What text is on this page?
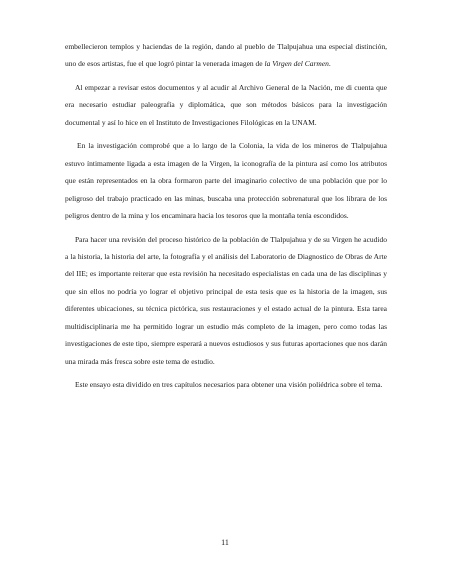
embellecieron templos y haciendas de la región, dando al pueblo de Tlalpujahua una especial distinción, uno de esos artistas, fue el que logró pintar la venerada imagen de la Virgen del Carmen.

Al empezar a revisar estos documentos y al acudir al Archivo General de la Nación, me di cuenta que era necesario estudiar paleografía y diplomática, que son métodos básicos para la investigación documental y así lo hice en el Instituto de Investigaciones Filológicas en la UNAM.

En la investigación comprobé que a lo largo de la Colonia, la vida de los mineros de Tlalpujahua estuvo íntimamente ligada a esta imagen de la Virgen, la iconografía de la pintura así como los atributos que están representados en la obra formaron parte del imaginario colectivo de una población que por lo peligroso del trabajo practicado en las minas, buscaba una protección sobrenatural que los librara de los peligros dentro de la mina y los encaminara hacia los tesoros que la montaña tenía escondidos.

Para hacer una revisión del proceso histórico de la población de Tlalpujahua y de su Virgen he acudido a la historia, la historia del arte, la fotografía y el análisis del Laboratorio de Diagnostico de Obras de Arte del IIE; es importante reiterar que esta revisión ha necesitado especialistas en cada una de las disciplinas y que sin ellos no podría yo lograr el objetivo principal de esta tesis que es la historia de la imagen, sus diferentes ubicaciones, su técnica pictórica, sus restauraciones y el estado actual de la pintura. Esta tarea multidisciplinaria me ha permitido lograr un estudio más completo de la imagen, pero como todas las investigaciones de este tipo, siempre esperará a nuevos estudiosos y sus futuras aportaciones que nos darán una mirada más fresca sobre este tema de estudio.

Este ensayo esta dividido en tres capítulos necesarios para obtener una visión poliédrica sobre el tema.

11
